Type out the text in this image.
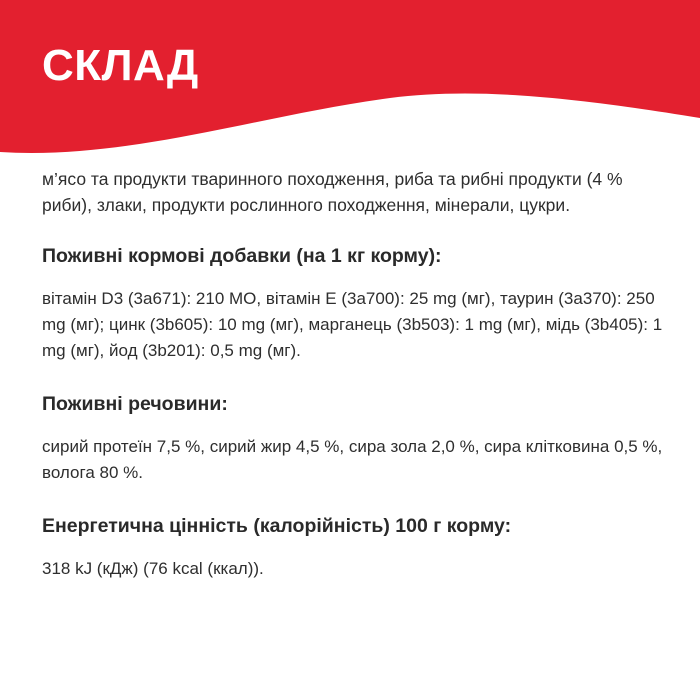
СКЛАД

м’ясо та продукти тваринного походження, риба та рибні продукти (4 % риби), злаки, продукти рослинного походження, мінерали, цукри.

Поживні кормові добавки (на 1 кг корму):

вітамін D3 (3a671): 210 МО, вітамін E (3a700): 25 mg (мг), таурин (3a370): 250 mg (мг); цинк (3b605): 10 mg (мг), марганець (3b503): 1 mg (мг), мідь (3b405): 1 mg (мг), йод (3b201): 0,5 mg (мг).

Поживні речовини:

сирий протеїн 7,5 %, сирий жир 4,5 %, сира зола 2,0 %, сира клітковина 0,5 %, волога 80 %.

Енергетична цінність (калорійність) 100 г корму:

318 kJ (кДж) (76 kcal (ккал)).
